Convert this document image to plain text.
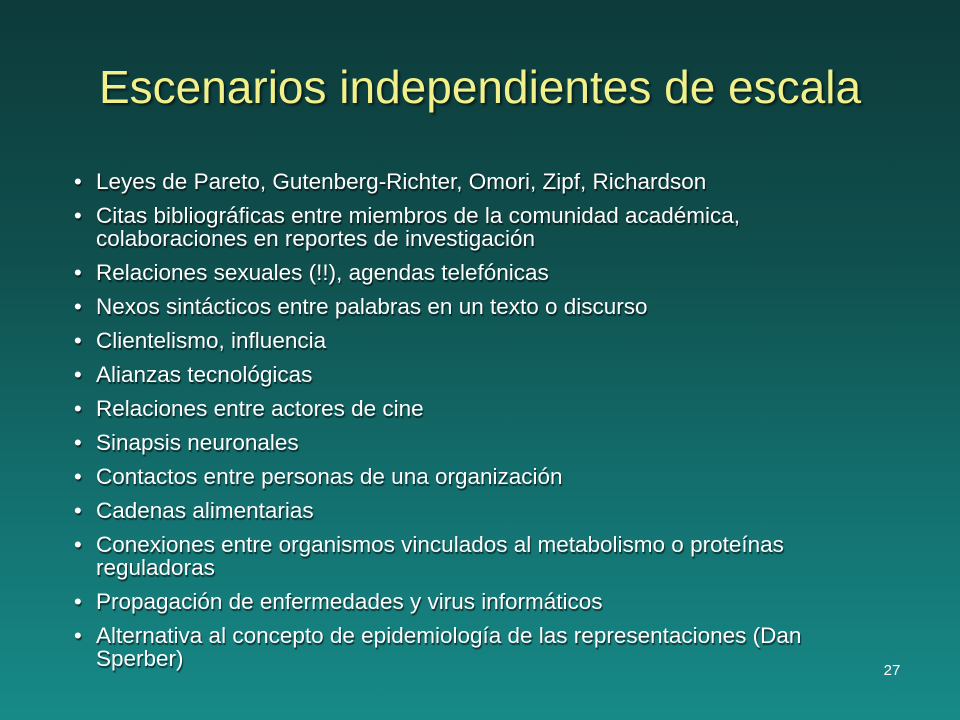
Escenarios independientes de escala
• Leyes de Pareto, Gutenberg-Richter, Omori, Zipf, Richardson
• Citas bibliográficas entre miembros de la comunidad académica, colaboraciones en reportes de investigación
• Relaciones sexuales (!!), agendas telefónicas
• Nexos sintácticos entre palabras en un texto o discurso
• Clientelismo, influencia
• Alianzas tecnológicas
• Relaciones entre actores de cine
• Sinapsis neuronales
• Contactos entre personas de una organización
• Cadenas alimentarias
• Conexiones entre organismos vinculados al metabolismo o proteínas reguladoras
• Propagación de enfermedades y virus informáticos
• Alternativa al concepto de epidemiología de las representaciones (Dan Sperber)	27
